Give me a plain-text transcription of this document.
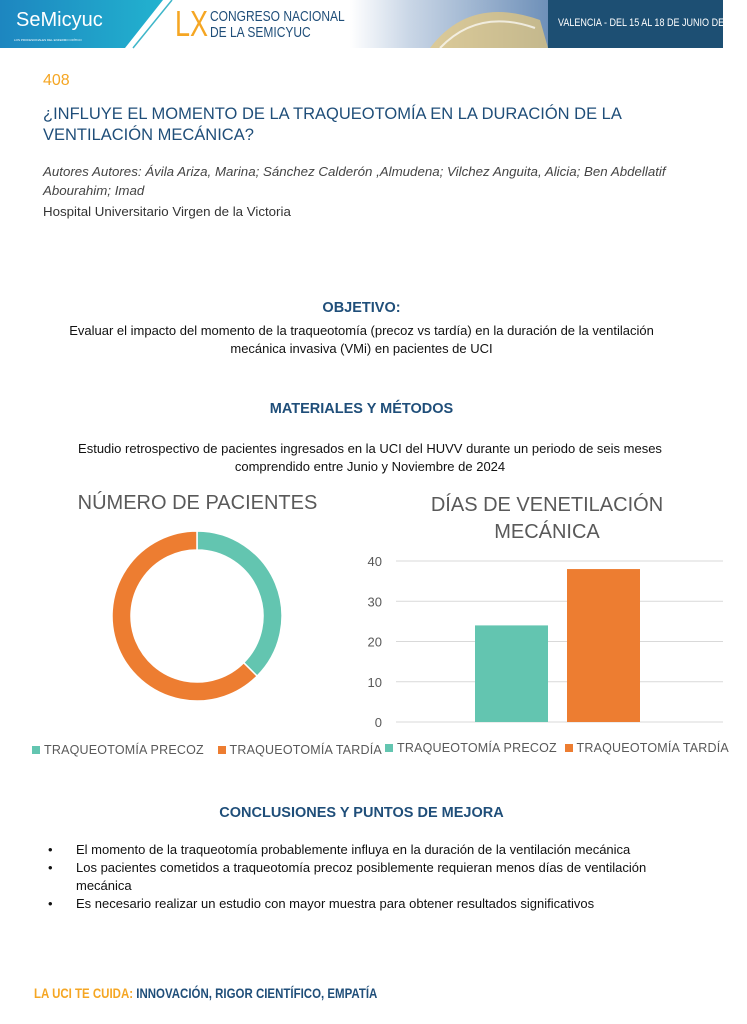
SeMicyuc
LOS PROFESIONALES DEL ENFERMO CRÍTICO	LX CONGRESO NACIONAL
DE LA SEMICYUC
VALENCIA - DEL 15 AL 18 DE JUNIO DE 2025
408
¿INFLUYE EL MOMENTO DE LA TRAQUEOTOMÍA EN LA DURACIÓN DE LA VENTILACIÓN MECÁNICA?
Autores Autores: Ávila Ariza, Marina; Sánchez Calderón ,Almudena; Vilchez Anguita, Alicia; Ben Abdellatif Abourahim; Imad
Hospital Universitario Virgen de la Victoria
OBJETIVO:
Evaluar el impacto del momento de la traqueotomía (precoz vs tardía) en la duración de la ventilación mecánica invasiva (VMi) en pacientes de UCI
MATERIALES Y MÉTODOS
Estudio retrospectivo de pacientes ingresados en la UCI del HUVV durante un periodo de seis meses comprendido entre Junio y Noviembre de 2024
NÚMERO DE PACIENTES
TRAQUEOTOMÍA PRECOZ TRAQUEOTOMÍA TARDÍA
DÍAS DE VENETILACIÓN
MECÁNICA
0
10
20
30
40
TRAQUEOTOMÍA PRECOZ TRAQUEOTOMÍA TARDÍA
CONCLUSIONES Y PUNTOS DE MEJORA
• El momento de la traqueotomía probablemente influya en la duración de la ventilación mecánica
• Los pacientes cometidos a traqueotomía precoz posiblemente requieran menos días de ventilación mecánica
• Es necesario realizar un estudio con mayor muestra para obtener resultados significativos
LA UCI TE CUIDA: INNOVACIÓN, RIGOR CIENTÍFICO, EMPATÍA
